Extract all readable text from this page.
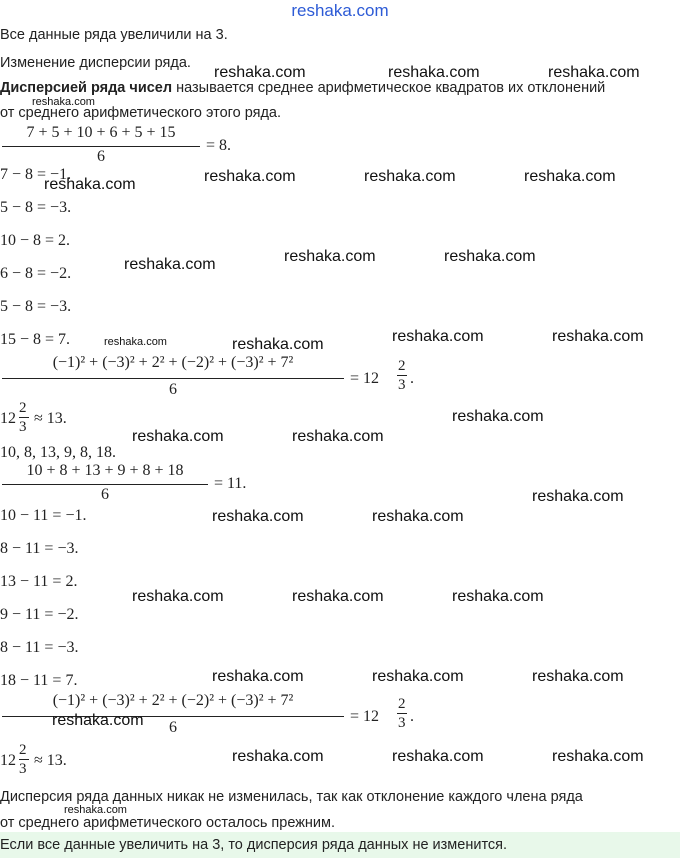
reshaka.com
Все данные ряда увеличили на 3.
Изменение дисперсии ряда.
Дисперсией ряда чисел называется среднее арифметическое квадратов их отклонений
от среднего арифметического этого ряда.
7 + 5 + 10 + 6 + 5 + 15
6
= 8.
7 − 8 = −1.
5 − 8 = −3.
10 − 8 = 2.
6 − 8 = −2.
5 − 8 = −3.
15 − 8 = 7.
(−1)² + (−3)² + 2² + (−2)² + (−3)² + 7²
6
= 12
2
3 .
12
2
3 ≈ 13.
10, 8, 13, 9, 8, 18.
10 + 8 + 13 + 9 + 8 + 18
6
= 11.
10 − 11 = −1.
8 − 11 = −3.
13 − 11 = 2.
9 − 11 = −2.
8 − 11 = −3.
18 − 11 = 7.
(−1)² + (−3)² + 2² + (−2)² + (−3)² + 7²
6
= 12
2
3 .
12
2
3 ≈ 13.
Дисперсия ряда данных никак не изменилась, так как отклонение каждого члена ряда
от среднего арифметического осталось прежним.
Если все данные увеличить на 3, то дисперсия ряда данных не изменится.
reshaka.com	reshaka.com	reshaka.com
reshaka.com
reshaka.com	reshaka.com	reshaka.com	reshaka.com
reshaka.com	reshaka.com	reshaka.com
reshaka.com	reshaka.com	reshaka.com	reshaka.com
reshaka.com
reshaka.com	reshaka.com
reshaka.com
reshaka.com	reshaka.com
reshaka.com	reshaka.com	reshaka.com
reshaka.com	reshaka.com	reshaka.com
reshaka.com
reshaka.com	reshaka.com	reshaka.com
reshaka.com
